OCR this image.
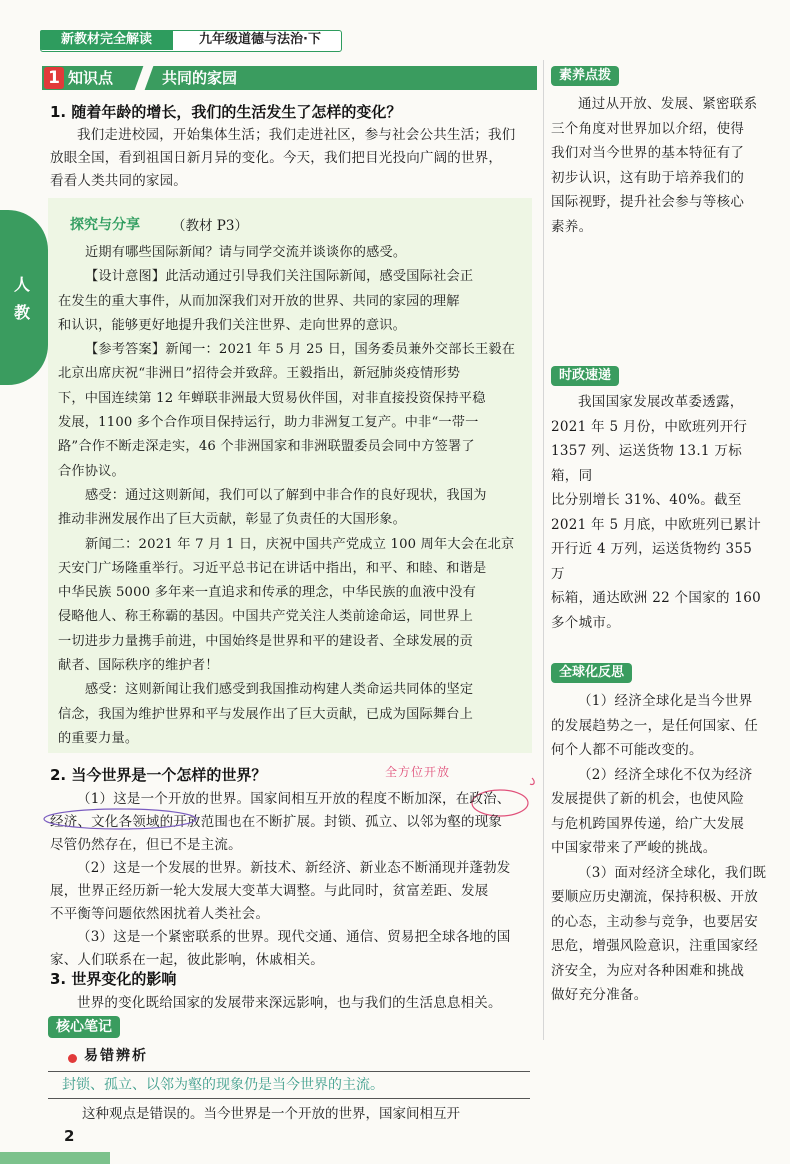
新教材完全解读	九年级道德与法治·下
人
教
1 知识点	共同的家园
1. 随着年龄的增长，我们的生活发生了怎样的变化？
我们走进校园，开始集体生活；我们走进社区，参与社会公共生活；我们
放眼全国，看到祖国日新月异的变化。今天，我们把目光投向广阔的世界，
看看人类共同的家园。
探究与分享 （教材 P3）
近期有哪些国际新闻？请与同学交流并谈谈你的感受。
【设计意图】此活动通过引导我们关注国际新闻，感受国际社会正
在发生的重大事件，从而加深我们对开放的世界、共同的家园的理解
和认识，能够更好地提升我们关注世界、走向世界的意识。
【参考答案】新闻一：2021 年 5 月 25 日，国务委员兼外交部长王毅在
北京出席庆祝“非洲日”招待会并致辞。王毅指出，新冠肺炎疫情形势
下，中国连续第 12 年蝉联非洲最大贸易伙伴国，对非直接投资保持平稳
发展，1100 多个合作项目保持运行，助力非洲复工复产。中非“一带一
路”合作不断走深走实，46 个非洲国家和非洲联盟委员会同中方签署了
合作协议。
感受：通过这则新闻，我们可以了解到中非合作的良好现状，我国为
推动非洲发展作出了巨大贡献，彰显了负责任的大国形象。
新闻二：2021 年 7 月 1 日，庆祝中国共产党成立 100 周年大会在北京
天安门广场隆重举行。习近平总书记在讲话中指出，和平、和睦、和谐是
中华民族 5000 多年来一直追求和传承的理念，中华民族的血液中没有
侵略他人、称王称霸的基因。中国共产党关注人类前途命运，同世界上
一切进步力量携手前进，中国始终是世界和平的建设者、全球发展的贡
献者、国际秩序的维护者！
感受：这则新闻让我们感受到我国推动构建人类命运共同体的坚定
信念，我国为维护世界和平与发展作出了巨大贡献，已成为国际舞台上
的重要力量。
2. 当今世界是一个怎样的世界？	全方位开放
（1）这是一个开放的世界。国家间相互开放的程度不断加深，在政治、
经济、文化各领域的开放范围也在不断扩展。封锁、孤立、以邻为壑的现象
尽管仍然存在，但已不是主流。
（2）这是一个发展的世界。新技术、新经济、新业态不断涌现并蓬勃发
展，世界正经历新一轮大发展大变革大调整。与此同时，贫富差距、发展
不平衡等问题依然困扰着人类社会。
（3）这是一个紧密联系的世界。现代交通、通信、贸易把全球各地的国
家、人们联系在一起，彼此影响，休戚相关。
3. 世界变化的影响
世界的变化既给国家的发展带来深远影响，也与我们的生活息息相关。
核心笔记
易错辨析
封锁、孤立、以邻为壑的现象仍是当今世界的主流。
这种观点是错误的。当今世界是一个开放的世界，国家间相互开
素养点拨
通过从开放、发展、紧密联系
三个角度对世界加以介绍，使得
我们对当今世界的基本特征有了
初步认识，这有助于培养我们的
国际视野，提升社会参与等核心
素养。
时政速递
我国国家发展改革委透露，
2021 年 5 月份，中欧班列开行
1357 列、运送货物 13.1 万标箱，同
比分别增长 31%、40%。截至
2021 年 5 月底，中欧班列已累计
开行近 4 万列，运送货物约 355 万
标箱，通达欧洲 22 个国家的 160
多个城市。
全球化反思
（1）经济全球化是当今世界
的发展趋势之一，是任何国家、任
何个人都不可能改变的。
（2）经济全球化不仅为经济
发展提供了新的机会，也使风险
与危机跨国界传递，给广大发展
中国家带来了严峻的挑战。
（3）面对经济全球化，我们既
要顺应历史潮流，保持积极、开放
的心态，主动参与竞争，也要居安
思危，增强风险意识，注重国家经
济安全，为应对各种困难和挑战
做好充分准备。
2
